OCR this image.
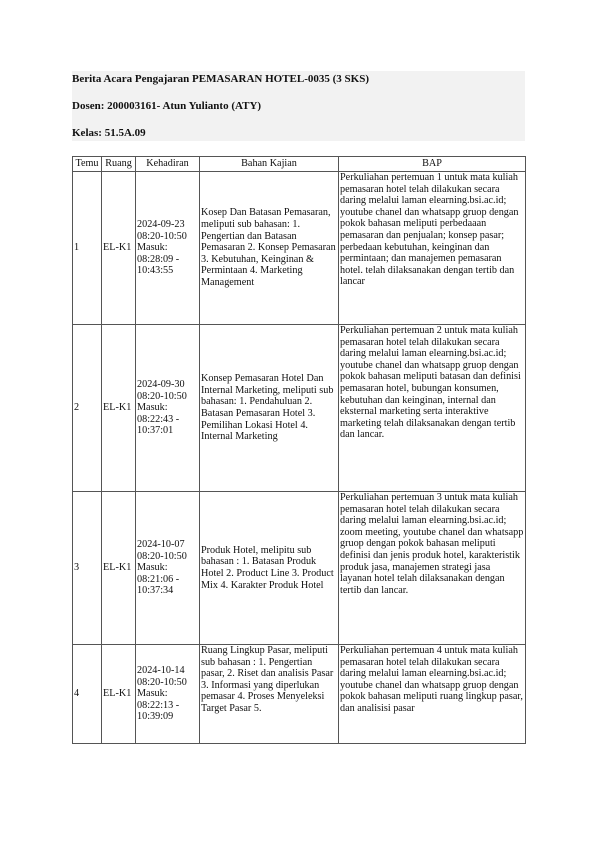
Berita Acara Pengajaran PEMASARAN HOTEL-0035 (3 SKS)
Dosen: 200003161- Atun Yulianto (ATY)
Kelas: 51.5A.09
Temu	Ruang	Kehadiran	Bahan Kajian	BAP
1	EL-K1	2024-09-23 08:20-10:50 Masuk: 08:28:09 - 10:43:55	Kosep Dan Batasan Pemasaran, meliputi sub bahasan: 1. Pengertian dan Batasan Pemasaran 2. Konsep Pemasaran 3. Kebutuhan, Keinginan & Permintaan 4. Marketing Management	Perkuliahan pertemuan 1 untuk mata kuliah pemasaran hotel telah dilakukan secara daring melalui laman elearning.bsi.ac.id; youtube chanel dan whatsapp gruop dengan pokok bahasan meliputi perbedaaan pemasaran dan penjualan; konsep pasar; perbedaan kebutuhan, keinginan dan permintaan; dan manajemen pemasaran hotel. telah dilaksanakan dengan tertib dan lancar
2	EL-K1	2024-09-30 08:20-10:50 Masuk: 08:22:43 - 10:37:01	Konsep Pemasaran Hotel Dan Internal Marketing, meliputi sub bahasan: 1. Pendahuluan 2. Batasan Pemasaran Hotel 3. Pemilihan Lokasi Hotel 4. Internal Marketing	Perkuliahan pertemuan 2 untuk mata kuliah pemasaran hotel telah dilakukan secara daring melalui laman elearning.bsi.ac.id; youtube chanel dan whatsapp gruop dengan pokok bahasan meliputi batasan dan definisi pemasaran hotel, bubungan konsumen, kebutuhan dan keinginan, internal dan eksternal marketing serta interaktive marketing telah dilaksanakan dengan tertib dan lancar.
3	EL-K1	2024-10-07 08:20-10:50 Masuk: 08:21:06 - 10:37:34	Produk Hotel, melipitu sub bahasan : 1. Batasan Produk Hotel 2. Product Line 3. Product Mix 4. Karakter Produk Hotel	Perkuliahan pertemuan 3 untuk mata kuliah pemasaran hotel telah dilakukan secara daring melalui laman elearning.bsi.ac.id; zoom meeting, youtube chanel dan whatsapp gruop dengan pokok bahasan meliputi definisi dan jenis produk hotel, karakteristik produk jasa, manajemen strategi jasa layanan hotel telah dilaksanakan dengan tertib dan lancar.
4	EL-K1	2024-10-14 08:20-10:50 Masuk: 08:22:13 - 10:39:09	Ruang Lingkup Pasar, meliputi sub bahasan : 1. Pengertian pasar, 2. Riset dan analisis Pasar 3. Informasi yang diperlukan pemasar 4. Proses Menyeleksi Target Pasar 5.	Perkuliahan pertemuan 4 untuk mata kuliah pemasaran hotel telah dilakukan secara daring melalui laman elearning.bsi.ac.id; youtube chanel dan whatsapp gruop dengan pokok bahasan meliputi ruang lingkup pasar, dan analisisi pasar
